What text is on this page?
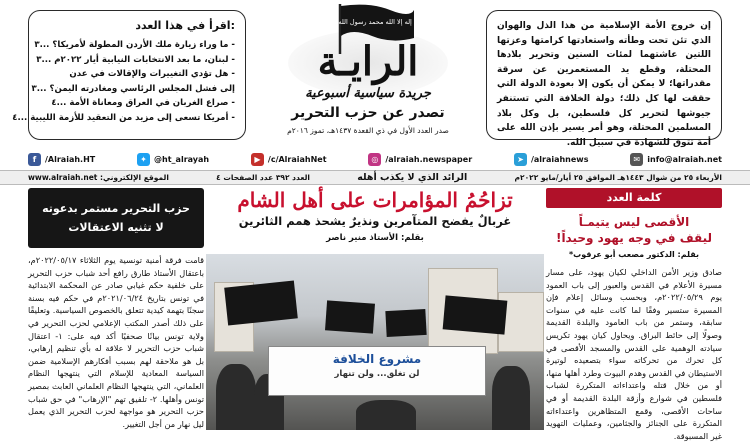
اقرأ في هذا العدد:
- ما وراء زيارة ملك الأردن المطولة لأمريكا؟ ...٣
- لبنان، ما بعد الانتخابات النيابية أيار ٢٠٢٢م ...٣
- هل تؤدي التغييرات والإقالات في عدن
إلى فشل المجلس الرئاسي ومغادرته اليمن؟ ...٣
- صراع الغربان في العراق ومعاناة الأمة ...٤
- أمريكا تسعى إلى مزيد من التعقيد للأزمة الليبية ...٤
لا إله إلا الله محمد رسول الله
الرايـة
جريدة سياسية أسبوعية
تصدر عن حزب التحرير
صدر العدد الأول في ذي القعدة ١٤٣٧هـ، تموز ٢٠١٦م
إن خروج الأمة الإسلامية من هذا الذل والهوان الذي تئن تحت وطأته واستعادتها كرامتها وعزتها اللتين عاشتهما لمئات السنين وتحرير بلادها المحتلة، وقطع يد المستعمرين عن سرقة مقدراتها؛ لا يمكن أن يكون إلا بعودة الدولة التي حققت لها كل ذلك؛ دولة الخلافة التي تستنفر جيوشها لتحرير كل فلسطين، بل وكل بلاد المسلمين المحتلة، وهو أمر يسير بإذن الله على أمة تتوق للشهادة في سبيل الله.
f	/Alraiah.HT	✦ @ht_alrayah	▶ /c/AlraiahNet	◎ /alraiah.newspaper	➤ /alraiahnews	✉ info@alraiah.net
الموقع الإلكتروني: www.alraiah.net	العدد ٣٩٢ عدد الصفحات ٤	الرائد الذي لا يكذب أهله	الأربعاء ٢٥ من شوال ١٤٤٣هـ الموافق ٢٥ أيار/مايو ٢٠٢٢م
حزب التحرير مستمر بدعوته
لا تثنيه الاعتقالات
قامت فرقة أمنية تونسية يوم الثلاثاء ٢٠٢٢/٠٥/١٧م، باعتقال الأستاذ طارق رافع أحد شباب حزب التحرير على خلفية حكم غيابي صادر عن المحكمة الابتدائية في تونس بتاريخ ٢٠٢١/٠٦/٢٤م في حكم فيه بسنة سجنًا بتهمة كيدية تتعلق بالخصوص السياسية. وتعليقًا على ذلك أصدر المكتب الإعلامي لحزب التحرير في ولاية تونس بيانًا صحفيًا أكد فيه على: ١- اعتقال شباب حزب التحرير لا علاقة له بأي تنظيم إرهابي، بل هو ملاحقة لهم بسبب أفكارهم الإسلامية ضمن السياسة المعادية للإسلام التي ينتهجها النظام العلماني، التي ينتهجها النظام العلماني العابث بمصير تونس وأهلها. ٢- تلفيق تهم "الإرهاب" في حق شباب حزب التحرير هو مواجهة لحزب التحرير الذي يعمل ليل نهار من أجل التغيير.
تزاحُمُ المؤامرات على أهل الشام
غربالٌ يفضح المتآمرين ونذيرٌ يشحذ همم الثائرين
بقلم: الأستاذ منير ناصر
مشروع الخلافة
لن تغلق... ولن تنهار
كلمة العدد
الأقصى ليس يتيمـاً
ليقف في وجه يهود وحيداً!
بقلم: الدكتور مصعب أبو عرقوب*
صادق وزير الأمن الداخلي لكيان يهود، على مسار مسيرة الأعلام في القدس والعبور إلى باب العمود يوم ٢٠٢٢/٠٥/٢٩م، وبحسب وسائل إعلام فإن المسيرة ستسير وفقًا لما كانت عليه في سنوات سابقة، وستمر من باب العامود والبلدة القديمة وصولًا إلى حائط البراق. ويحاول كيان يهود تكريس سيادته الوهمية على القدس والمسجد الأقصى في كل تحرك من تحركاته سواء بتصعيده لوتيرة الاستيطان في القدس وهدم البيوت وطرد أهلها منها، أو من خلال قتله واعتداءاته المتكررة لشباب فلسطين في شوارع وأزقة البلدة القديمة أو في ساحات الأقصى، وقمع المتظاهرين واعتداءاته المتكررة على الجنائز والجثامين، وعمليات التهويد غير المسبوقة.
